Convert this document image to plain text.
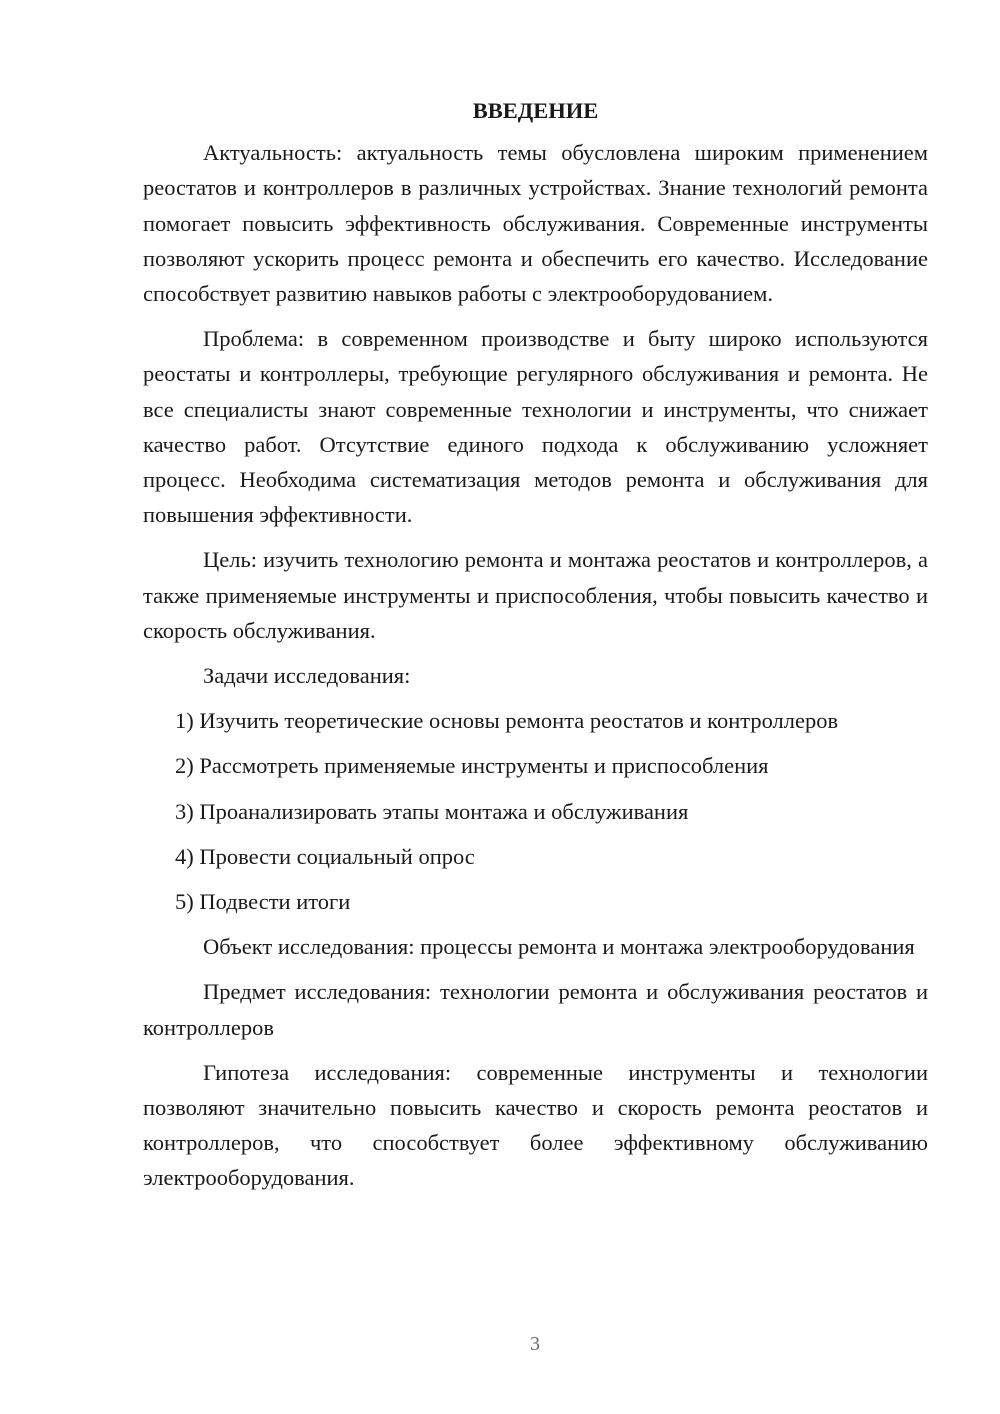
ВВЕДЕНИЕ

Актуальность: актуальность темы обусловлена широким применением реостатов и контроллеров в различных устройствах. Знание технологий ремонта помогает повысить эффективность обслуживания. Современные инструменты позволяют ускорить процесс ремонта и обеспечить его качество. Исследование способствует развитию навыков работы с электрооборудованием.

Проблема: в современном производстве и быту широко используются реостаты и контроллеры, требующие регулярного обслуживания и ремонта. Не все специалисты знают современные технологии и инструменты, что снижает качество работ. Отсутствие единого подхода к обслуживанию усложняет процесс. Необходима систематизация методов ремонта и обслуживания для повышения эффективности.

Цель: изучить технологию ремонта и монтажа реостатов и контроллеров, а также применяемые инструменты и приспособления, чтобы повысить качество и скорость обслуживания.

Задачи исследования:

1) Изучить теоретические основы ремонта реостатов и контроллеров
2) Рассмотреть применяемые инструменты и приспособления
3) Проанализировать этапы монтажа и обслуживания
4) Провести социальный опрос
5) Подвести итоги

Объект исследования: процессы ремонта и монтажа электрооборудования

Предмет исследования: технологии ремонта и обслуживания реостатов и контроллеров

Гипотеза исследования: современные инструменты и технологии позволяют значительно повысить качество и скорость ремонта реостатов и контроллеров, что способствует более эффективному обслуживанию электрооборудования.

3
